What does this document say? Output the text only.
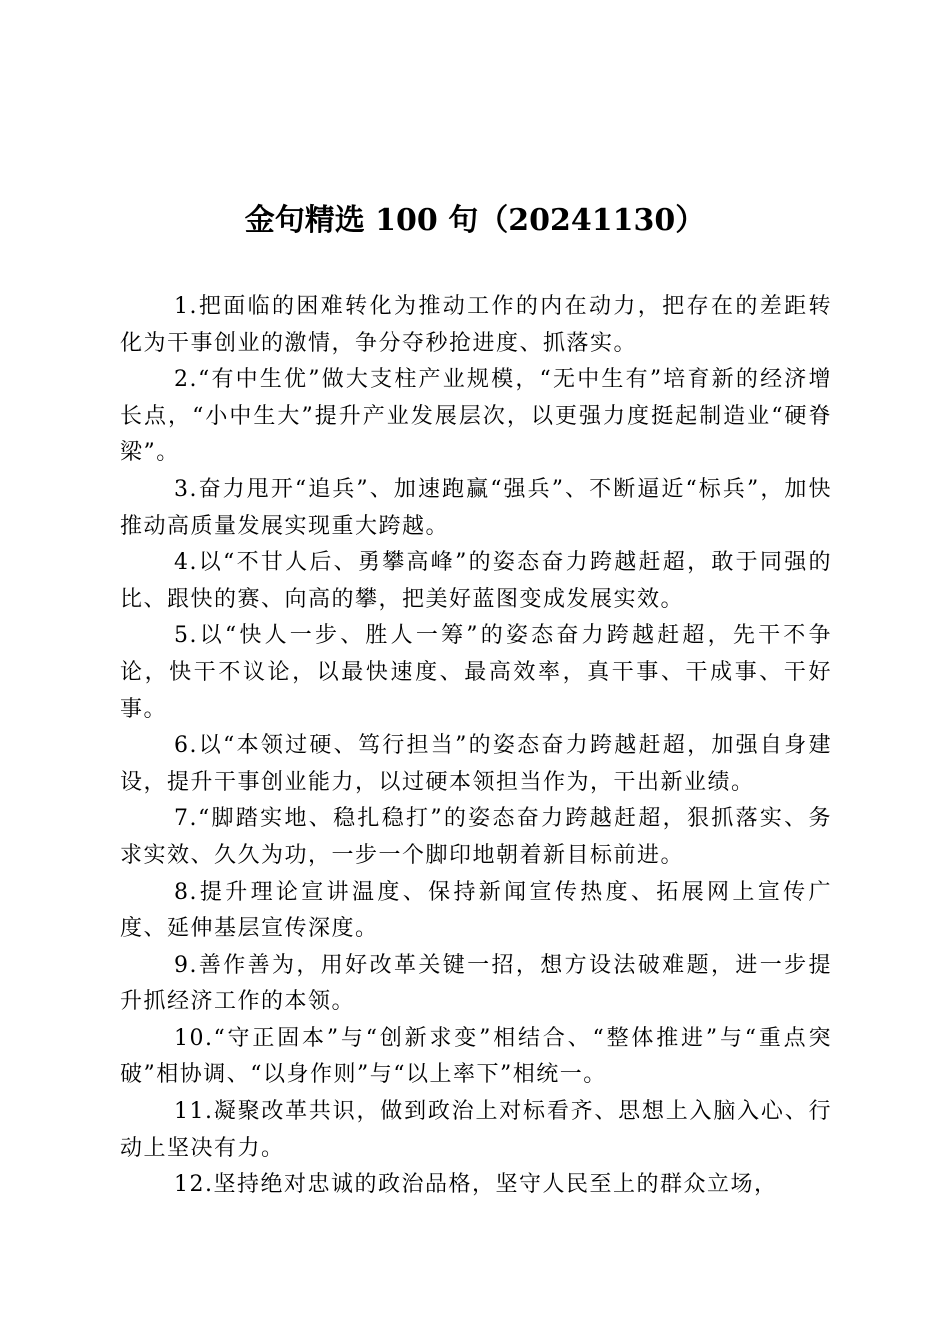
金句精选 100 句（20241130）

1.把面临的困难转化为推动工作的内在动力，把存在的差距转化为干事创业的激情，争分夺秒抢进度、抓落实。

2.“有中生优”做大支柱产业规模，“无中生有”培育新的经济增长点，“小中生大”提升产业发展层次，以更强力度挺起制造业“硬脊梁”。

3.奋力甩开“追兵”、加速跑赢“强兵”、不断逼近“标兵”，加快推动高质量发展实现重大跨越。

4.以“不甘人后、勇攀高峰”的姿态奋力跨越赶超，敢于同强的比、跟快的赛、向高的攀，把美好蓝图变成发展实效。

5.以“快人一步、胜人一筹”的姿态奋力跨越赶超，先干不争论，快干不议论，以最快速度、最高效率，真干事、干成事、干好事。

6.以“本领过硬、笃行担当”的姿态奋力跨越赶超，加强自身建设，提升干事创业能力，以过硬本领担当作为，干出新业绩。

7.“脚踏实地、稳扎稳打”的姿态奋力跨越赶超，狠抓落实、务求实效、久久为功，一步一个脚印地朝着新目标前进。

8.提升理论宣讲温度、保持新闻宣传热度、拓展网上宣传广度、延伸基层宣传深度。

9.善作善为，用好改革关键一招，想方设法破难题，进一步提升抓经济工作的本领。

10.“守正固本”与“创新求变”相结合、“整体推进”与“重点突破”相协调、“以身作则”与“以上率下”相统一。

11.凝聚改革共识，做到政治上对标看齐、思想上入脑入心、行动上坚决有力。

12.坚持绝对忠诚的政治品格，坚守人民至上的群众立场，
